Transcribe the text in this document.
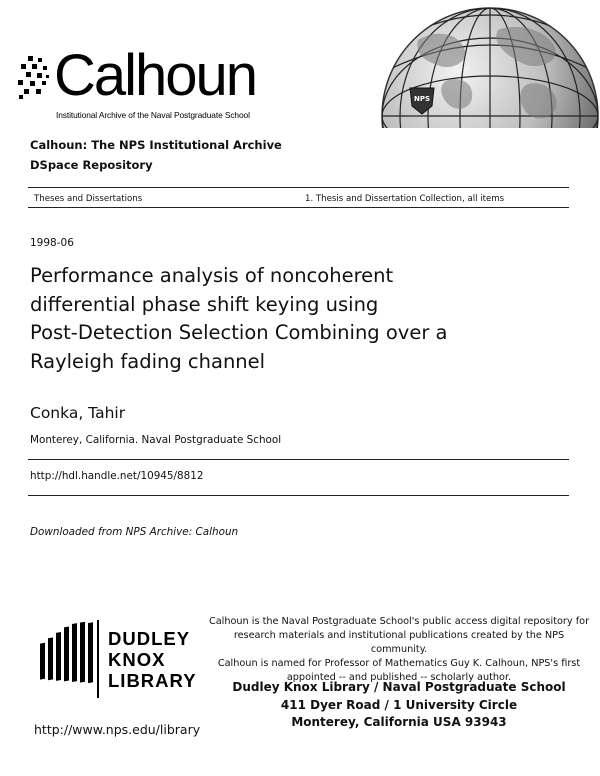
Calhoun
Institutional Archive of the Naval Postgraduate School
NPS
Calhoun: The NPS Institutional Archive
DSpace Repository
Theses and Dissertations	1. Thesis and Dissertation Collection, all items
1998-06
Performance analysis of noncoherent
differential phase shift keying using
Post-Detection Selection Combining over a
Rayleigh fading channel
Conka, Tahir
Monterey, California. Naval Postgraduate School
http://hdl.handle.net/10945/8812
Downloaded from NPS Archive: Calhoun
DUDLEY
KNOX
LIBRARY
http://www.nps.edu/library
Calhoun is the Naval Postgraduate School's public access digital repository for
research materials and institutional publications created by the NPS community.
Calhoun is named for Professor of Mathematics Guy K. Calhoun, NPS's first
appointed -- and published -- scholarly author.
Dudley Knox Library / Naval Postgraduate School
411 Dyer Road / 1 University Circle
Monterey, California USA 93943
